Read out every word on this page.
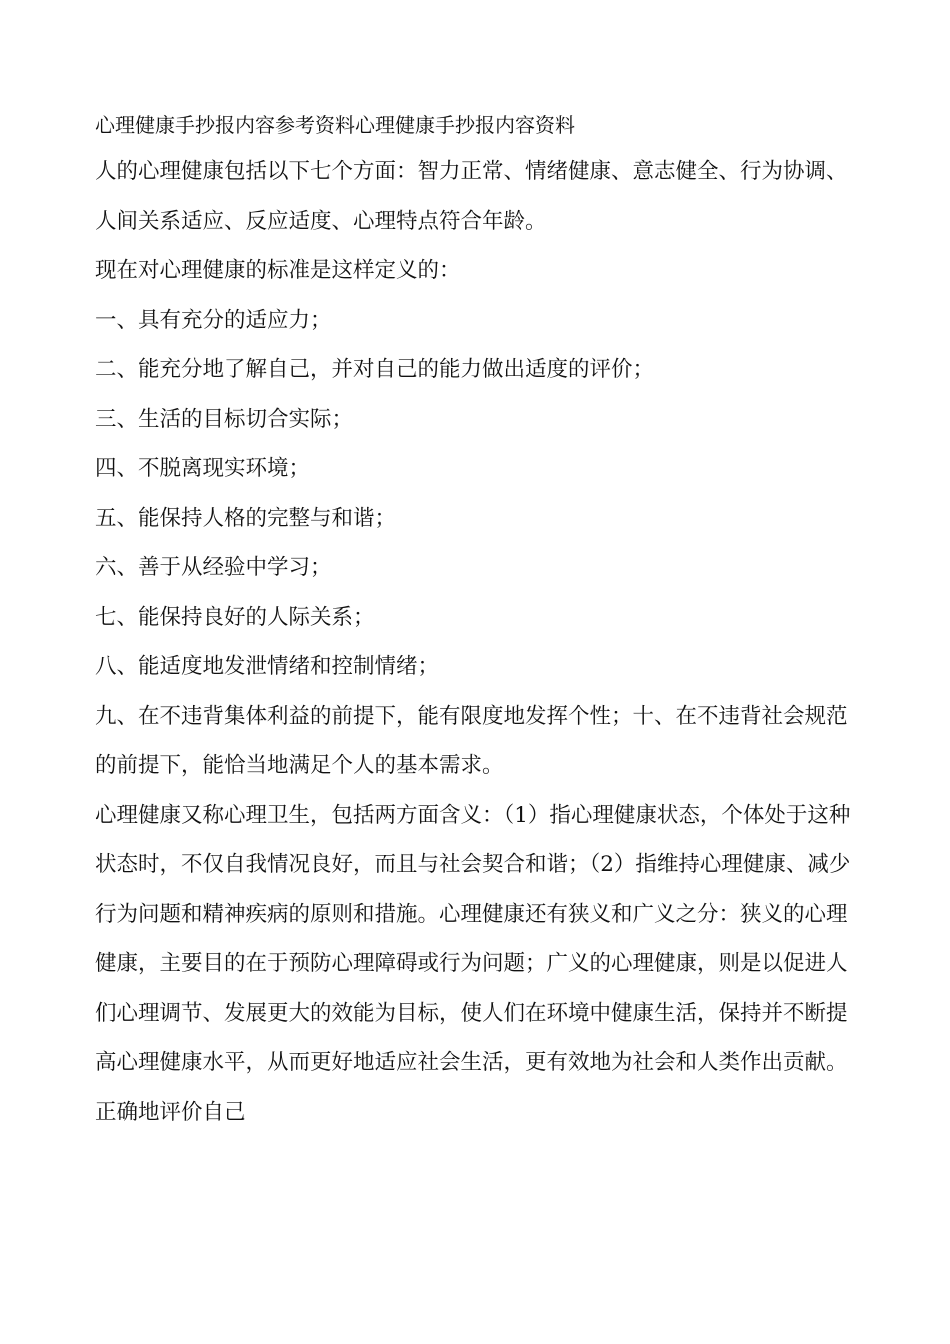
心理健康手抄报内容参考资料心理健康手抄报内容资料

人的心理健康包括以下七个方面：智力正常、情绪健康、意志健全、行为协调、人间关系适应、反应适度、心理特点符合年龄。

现在对心理健康的标准是这样定义的：

一、具有充分的适应力；

二、能充分地了解自己，并对自己的能力做出适度的评价；

三、生活的目标切合实际；

四、不脱离现实环境；

五、能保持人格的完整与和谐；

六、善于从经验中学习；

七、能保持良好的人际关系；

八、能适度地发泄情绪和控制情绪；

九、在不违背集体利益的前提下，能有限度地发挥个性；十、在不违背社会规范的前提下，能恰当地满足个人的基本需求。

心理健康又称心理卫生，包括两方面含义：（1）指心理健康状态，个体处于这种状态时，不仅自我情况良好，而且与社会契合和谐；（2）指维持心理健康、减少行为问题和精神疾病的原则和措施。心理健康还有狭义和广义之分：狭义的心理健康，主要目的在于预防心理障碍或行为问题；广义的心理健康，则是以促进人们心理调节、发展更大的效能为目标，使人们在环境中健康生活，保持并不断提高心理健康水平，从而更好地适应社会生活，更有效地为社会和人类作出贡献。

正确地评价自己
